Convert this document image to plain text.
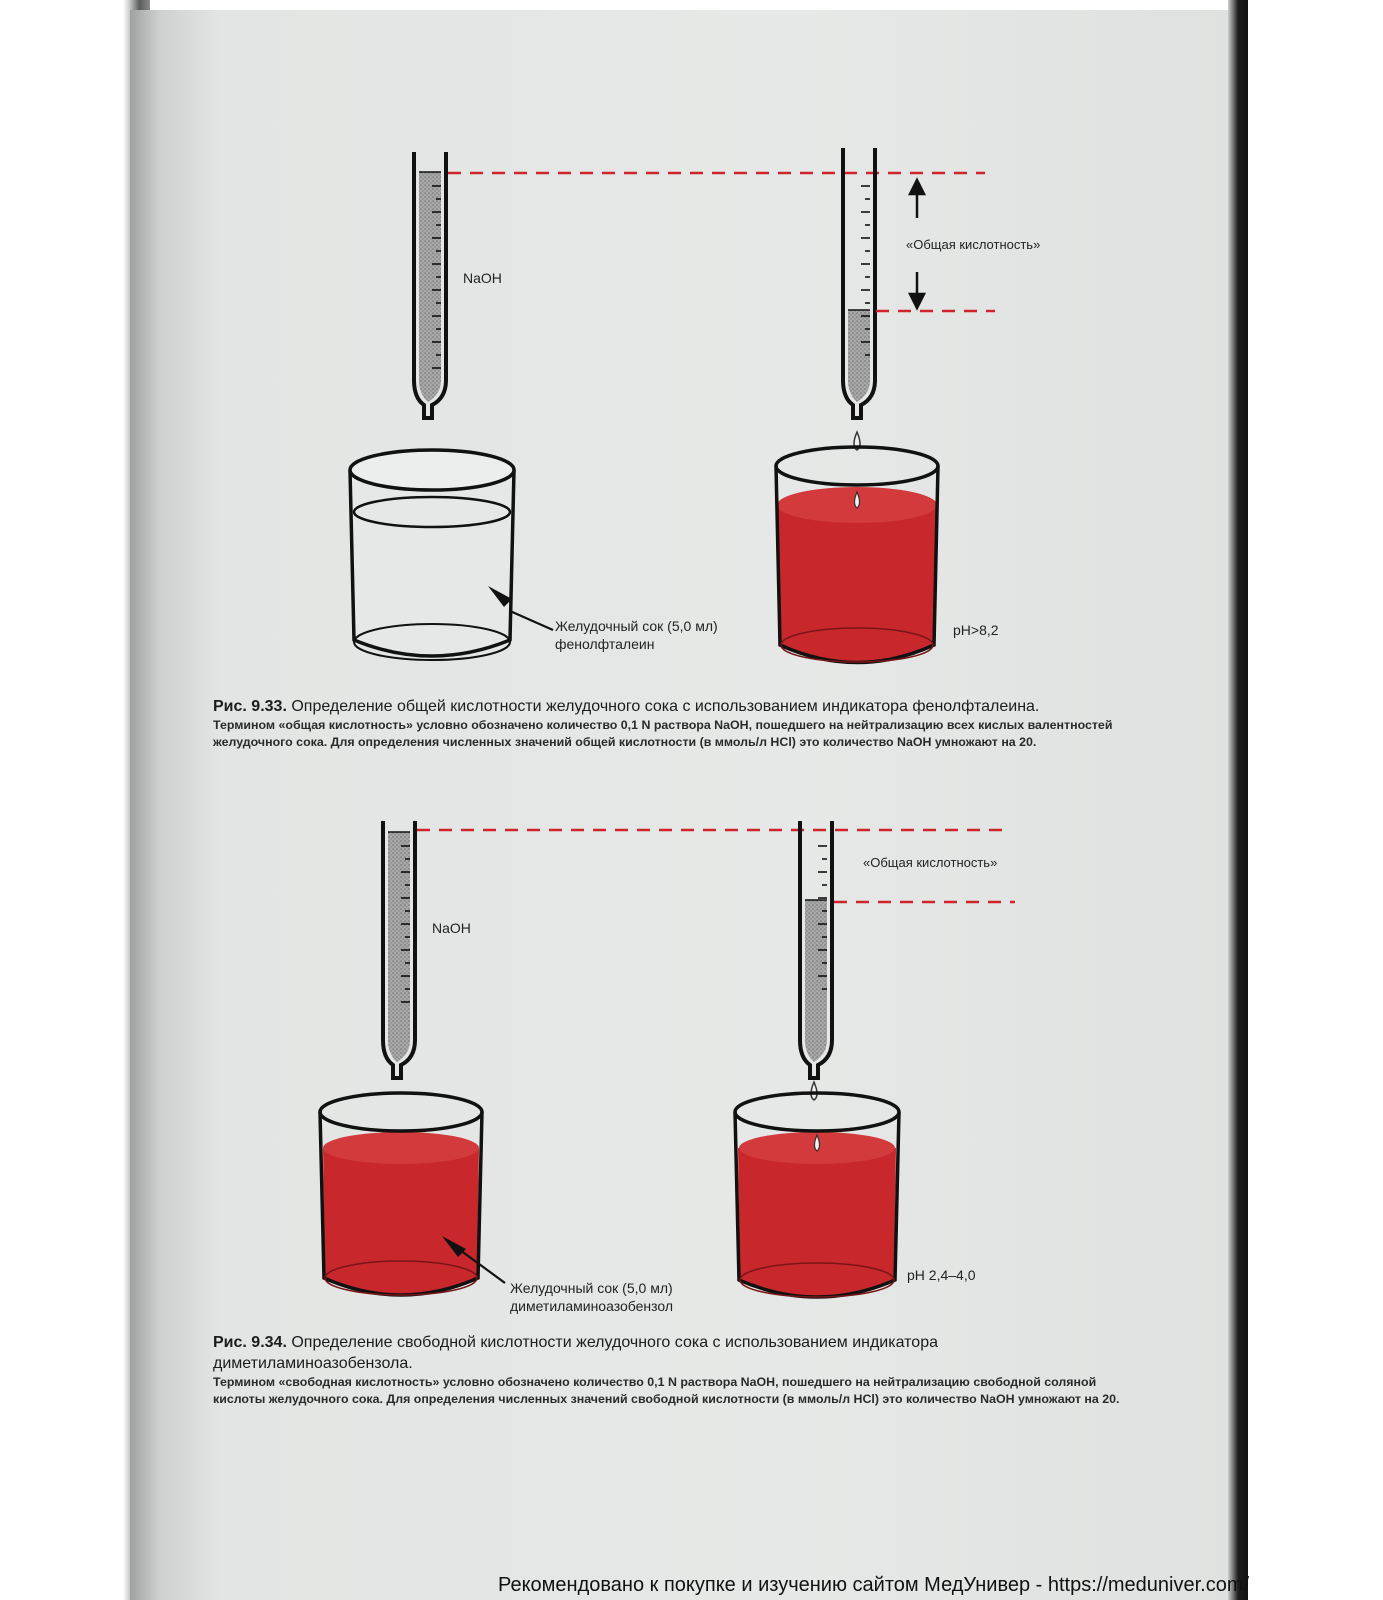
NaOH
«Общая кислотность»
Желудочный сок (5,0 мл)
фенолфталеин
pH>8,2
Рис. 9.33. Определение общей кислотности желудочного сока с использованием индикатора фенолфталеина.
Термином «общая кислотность» условно обозначено количество 0,1 N раствора NaOH, пошедшего на нейтрализацию всех кислых валентностей желудочного сока. Для определения численных значений общей кислотности (в ммоль/л HCl) это количество NaOH умножают на 20.
NaOH
«Общая кислотность»
Желудочный сок (5,0 мл)
диметиламиноазобензол
pH 2,4–4,0
Рис. 9.34. Определение свободной кислотности желудочного сока с использованием индикатора диметиламиноазобензола.
Термином «свободная кислотность» условно обозначено количество 0,1 N раствора NaOH, пошедшего на нейтрализацию свободной соляной кислоты желудочного сока. Для определения численных значений свободной кислотности (в ммоль/л HCl) это количество NaOH умножают на 20.
Рекомендовано к покупке и изучению сайтом МедУнивер - https://meduniver.com/
